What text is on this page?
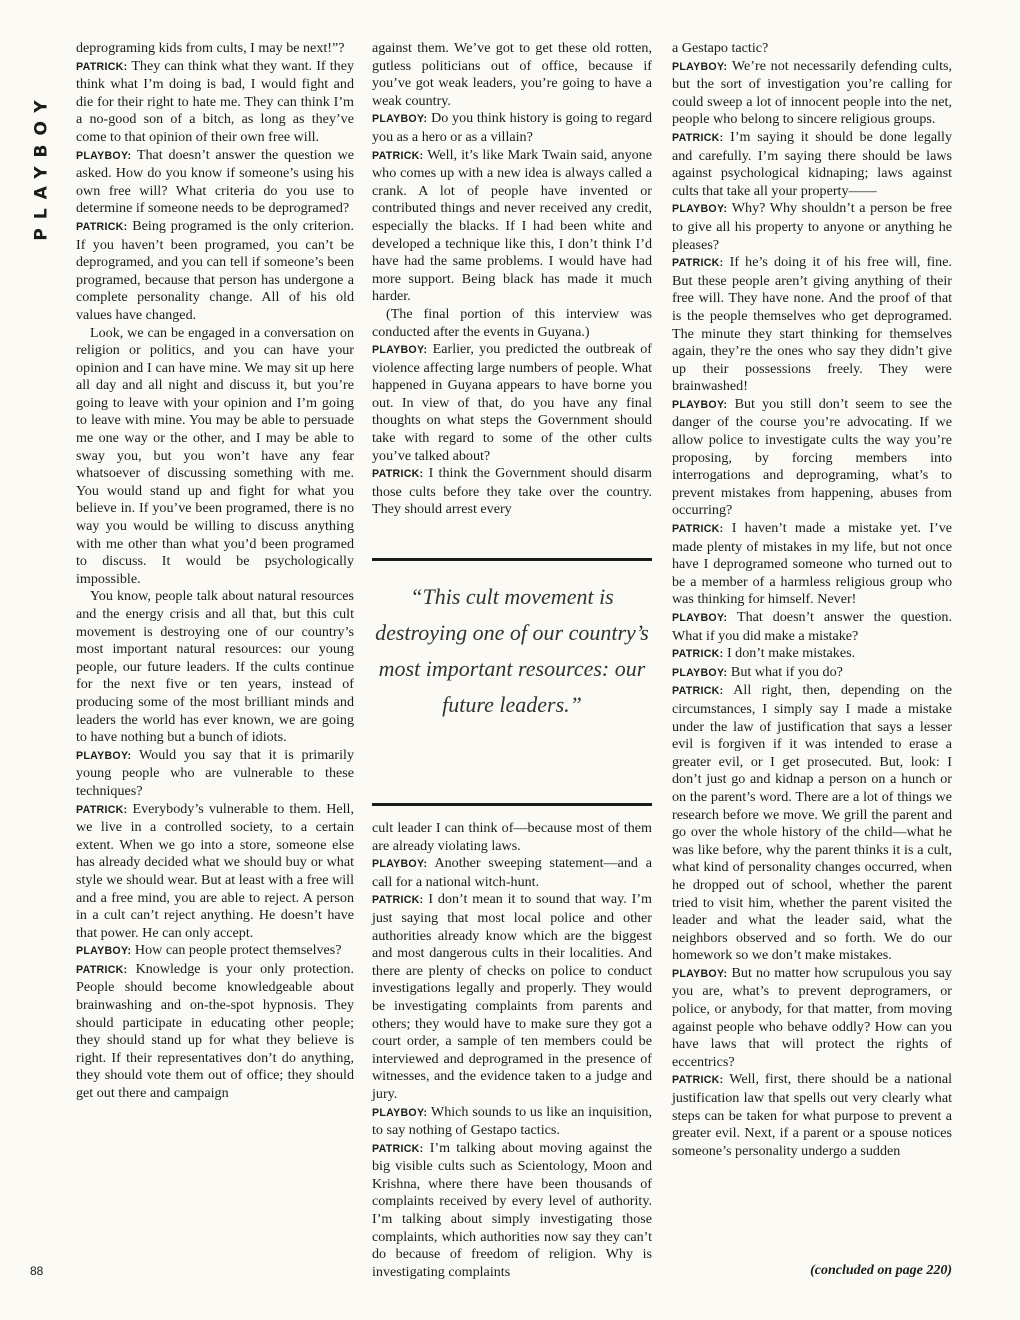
PLAYBOY
88

deprograming kids from cults, I may be next!”?

PATRICK: They can think what they want. If they think what I’m doing is bad, I would fight and die for their right to hate me. They can think I’m a no-good son of a bitch, as long as they’ve come to that opinion of their own free will.

PLAYBOY: That doesn’t answer the question we asked. How do you know if someone’s using his own free will? What criteria do you use to determine if someone needs to be deprogramed?

PATRICK: Being programed is the only criterion. If you haven’t been programed, you can’t be deprogramed, and you can tell if someone’s been programed, because that person has undergone a complete personality change. All of his old values have changed.

Look, we can be engaged in a conversation on religion or politics, and you can have your opinion and I can have mine. We may sit up here all day and all night and discuss it, but you’re going to leave with your opinion and I’m going to leave with mine. You may be able to persuade me one way or the other, and I may be able to sway you, but you won’t have any fear whatsoever of discussing something with me. You would stand up and fight for what you believe in. If you’ve been programed, there is no way you would be willing to discuss anything with me other than what you’d been programed to discuss. It would be psychologically impossible.

You know, people talk about natural resources and the energy crisis and all that, but this cult movement is destroying one of our country’s most important natural resources: our young people, our future leaders. If the cults continue for the next five or ten years, instead of producing some of the most brilliant minds and leaders the world has ever known, we are going to have nothing but a bunch of idiots.

PLAYBOY: Would you say that it is primarily young people who are vulnerable to these techniques?

PATRICK: Everybody’s vulnerable to them. Hell, we live in a controlled society, to a certain extent. When we go into a store, someone else has already decided what we should buy or what style we should wear. But at least with a free will and a free mind, you are able to reject. A person in a cult can’t reject anything. He doesn’t have that power. He can only accept.

PLAYBOY: How can people protect themselves?

PATRICK: Knowledge is your only protection. People should become knowledgeable about brainwashing and on-the-spot hypnosis. They should participate in educating other people; they should stand up for what they believe is right. If their representatives don’t do anything, they should vote them out of office; they should get out there and campaign

against them. We’ve got to get these old rotten, gutless politicians out of office, because if you’ve got weak leaders, you’re going to have a weak country.

PLAYBOY: Do you think history is going to regard you as a hero or as a villain?

PATRICK: Well, it’s like Mark Twain said, anyone who comes up with a new idea is always called a crank. A lot of people have invented or contributed things and never received any credit, especially the blacks. If I had been white and developed a technique like this, I don’t think I’d have had the same problems. I would have had more support. Being black has made it much harder.

(The final portion of this interview was conducted after the events in Guyana.)

PLAYBOY: Earlier, you predicted the outbreak of violence affecting large numbers of people. What happened in Guyana appears to have borne you out. In view of that, do you have any final thoughts on what steps the Government should take with regard to some of the other cults you’ve talked about?

PATRICK: I think the Government should disarm those cults before they take over the country. They should arrest every

“This cult movement is destroying one of our country’s most important resources: our future leaders.”

cult leader I can think of—because most of them are already violating laws.

PLAYBOY: Another sweeping statement—and a call for a national witch-hunt.

PATRICK: I don’t mean it to sound that way. I’m just saying that most local police and other authorities already know which are the biggest and most dangerous cults in their localities. And there are plenty of checks on police to conduct investigations legally and properly. They would be investigating complaints from parents and others; they would have to make sure they got a court order, a sample of ten members could be interviewed and deprogramed in the presence of witnesses, and the evidence taken to a judge and jury.

PLAYBOY: Which sounds to us like an inquisition, to say nothing of Gestapo tactics.

PATRICK: I’m talking about moving against the big visible cults such as Scientology, Moon and Krishna, where there have been thousands of complaints received by every level of authority. I’m talking about simply investigating those complaints, which authorities now say they can’t do because of freedom of religion. Why is investigating complaints

a Gestapo tactic?

PLAYBOY: We’re not necessarily defending cults, but the sort of investigation you’re calling for could sweep a lot of innocent people into the net, people who belong to sincere religious groups.

PATRICK: I’m saying it should be done legally and carefully. I’m saying there should be laws against psychological kidnaping; laws against cults that take all your property——

PLAYBOY: Why? Why shouldn’t a person be free to give all his property to anyone or anything he pleases?

PATRICK: If he’s doing it of his free will, fine. But these people aren’t giving anything of their free will. They have none. And the proof of that is the people themselves who get deprogramed. The minute they start thinking for themselves again, they’re the ones who say they didn’t give up their possessions freely. They were brainwashed!

PLAYBOY: But you still don’t seem to see the danger of the course you’re advocating. If we allow police to investigate cults the way you’re proposing, by forcing members into interrogations and deprograming, what’s to prevent mistakes from happening, abuses from occurring?

PATRICK: I haven’t made a mistake yet. I’ve made plenty of mistakes in my life, but not once have I deprogramed someone who turned out to be a member of a harmless religious group who was thinking for himself. Never!

PLAYBOY: That doesn’t answer the question. What if you did make a mistake?

PATRICK: I don’t make mistakes.

PLAYBOY: But what if you do?

PATRICK: All right, then, depending on the circumstances, I simply say I made a mistake under the law of justification that says a lesser evil is forgiven if it was intended to erase a greater evil, or I get prosecuted. But, look: I don’t just go and kidnap a person on a hunch or on the parent’s word. There are a lot of things we research before we move. We grill the parent and go over the whole history of the child—what he was like before, why the parent thinks it is a cult, what kind of personality changes occurred, when he dropped out of school, whether the parent tried to visit him, whether the parent visited the leader and what the leader said, what the neighbors observed and so forth. We do our homework so we don’t make mistakes.

PLAYBOY: But no matter how scrupulous you say you are, what’s to prevent deprogramers, or police, or anybody, for that matter, from moving against people who behave oddly? How can you have laws that will protect the rights of eccentrics?

PATRICK: Well, first, there should be a national justification law that spells out very clearly what steps can be taken for what purpose to prevent a greater evil. Next, if a parent or a spouse notices someone’s personality undergo a sudden

(concluded on page 220)
